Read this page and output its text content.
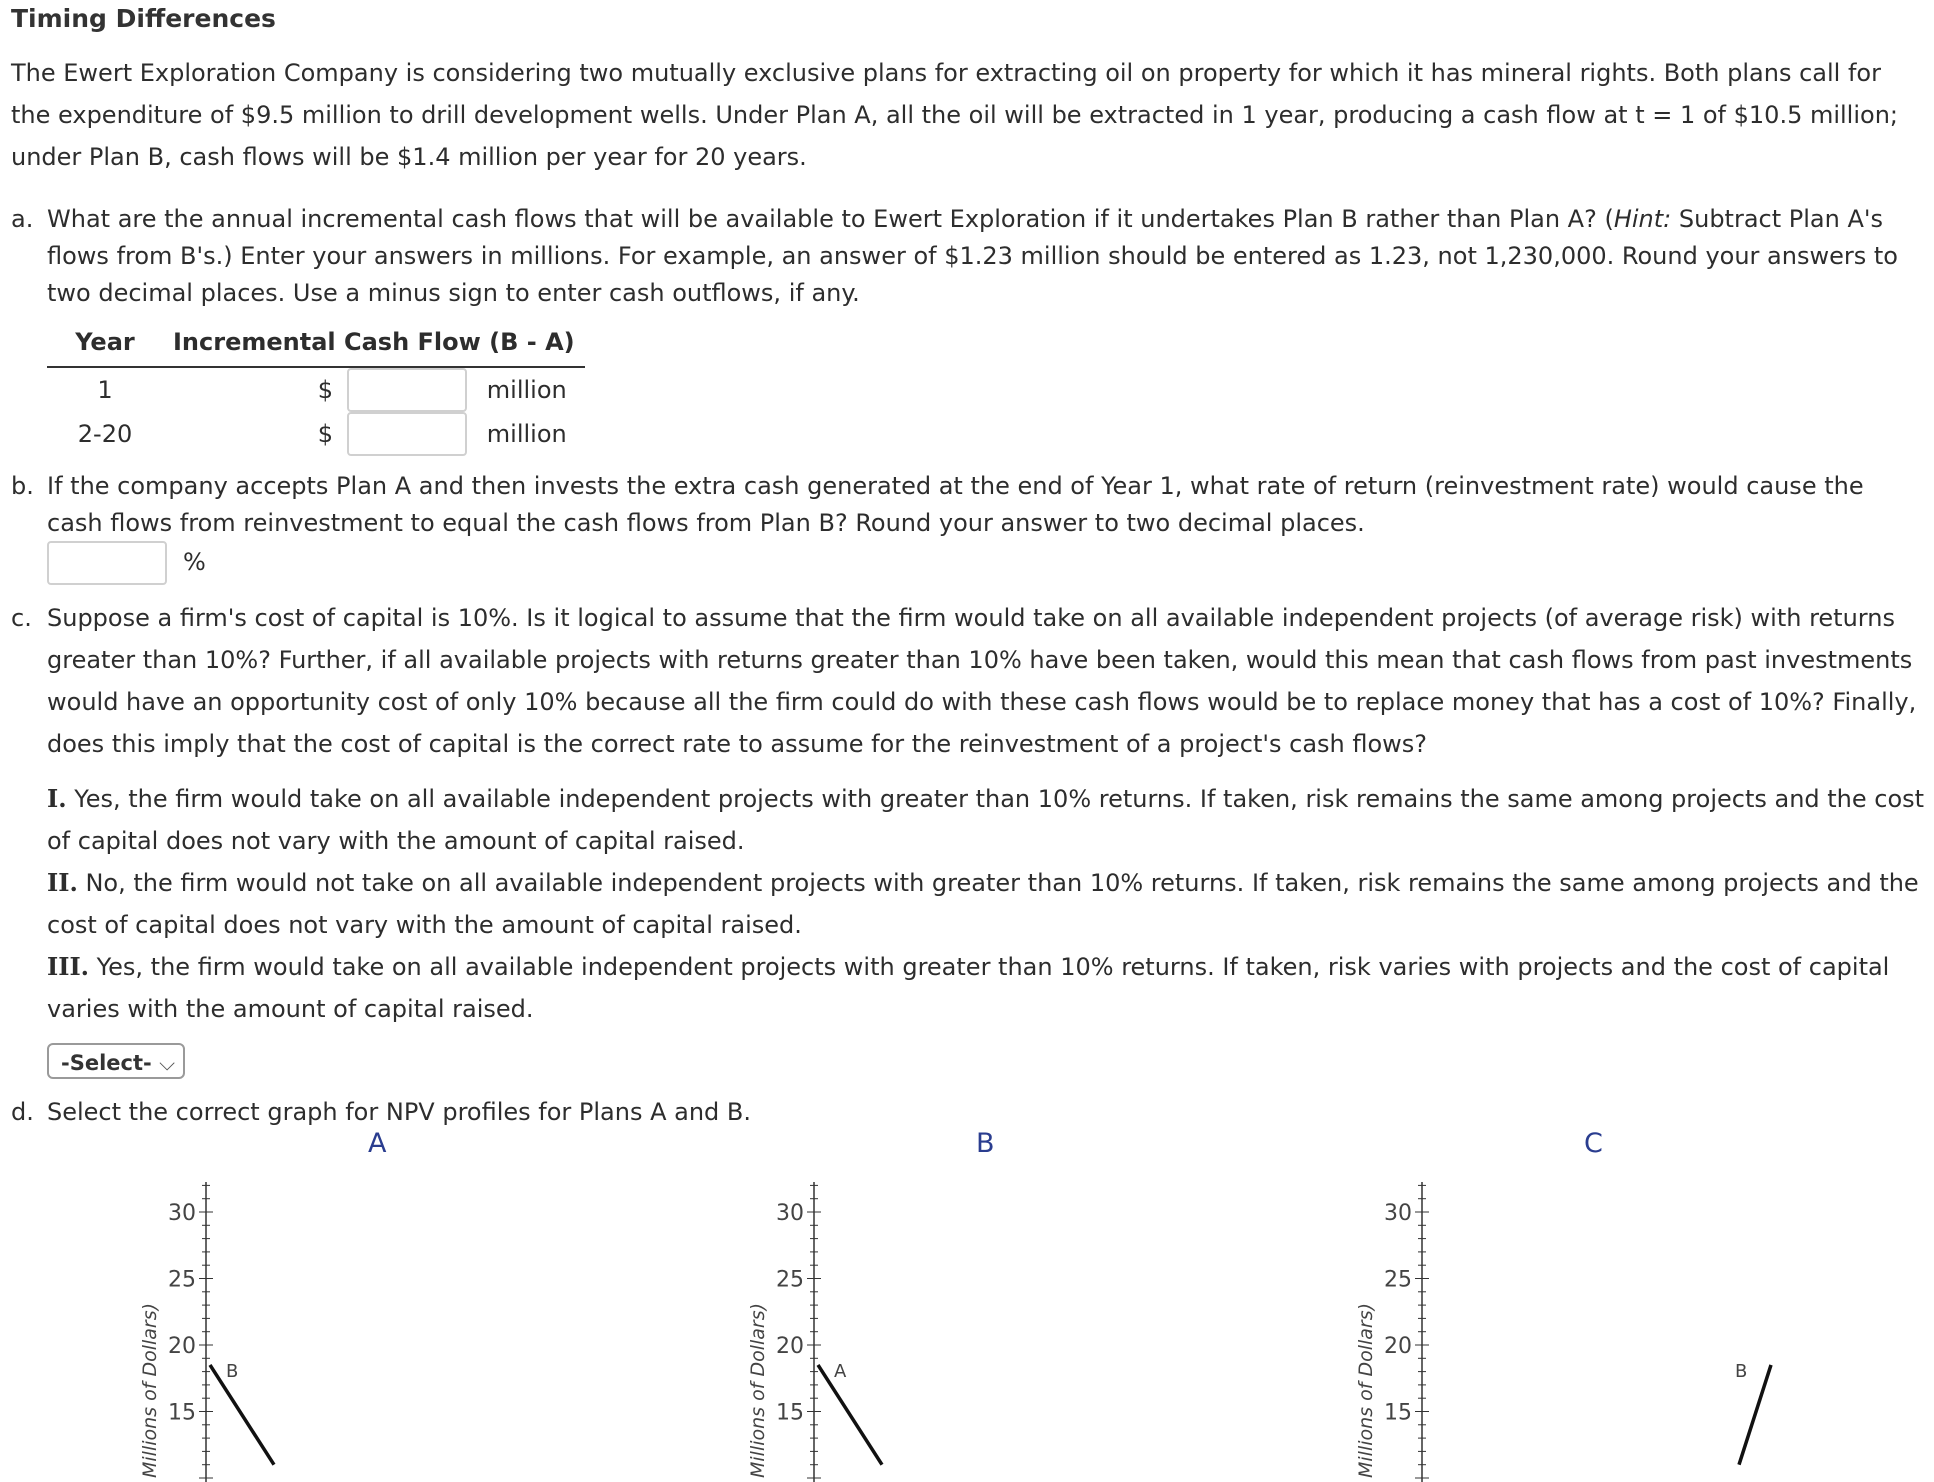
Timing Differences
The Ewert Exploration Company is considering two mutually exclusive plans for extracting oil on property for which it has mineral rights. Both plans call for the expenditure of $9.5 million to drill development wells. Under Plan A, all the oil will be extracted in 1 year, producing a cash flow at t = 1 of $10.5 million; under Plan B, cash flows will be $1.4 million per year for 20 years.
a. What are the annual incremental cash flows that will be available to Ewert Exploration if it undertakes Plan B rather than Plan A? (Hint: Subtract Plan A's flows from B's.) Enter your answers in millions. For example, an answer of $1.23 million should be entered as 1.23, not 1,230,000. Round your answers to two decimal places. Use a minus sign to enter cash outflows, if any.
Year	Incremental Cash Flow (B - A)		
1	$		million
2-20	$		million
b. If the company accepts Plan A and then invests the extra cash generated at the end of Year 1, what rate of return (reinvestment rate) would cause the cash flows from reinvestment to equal the cash flows from Plan B? Round your answer to two decimal places.
%
c. Suppose a firm's cost of capital is 10%. Is it logical to assume that the firm would take on all available independent projects (of average risk) with returns greater than 10%? Further, if all available projects with returns greater than 10% have been taken, would this mean that cash flows from past investments would have an opportunity cost of only 10% because all the firm could do with these cash flows would be to replace money that has a cost of 10%? Finally, does this imply that the cost of capital is the correct rate to assume for the reinvestment of a project's cash flows?
I. Yes, the firm would take on all available independent projects with greater than 10% returns. If taken, risk remains the same among projects and the cost of capital does not vary with the amount of capital raised.
II. No, the firm would not take on all available independent projects with greater than 10% returns. If taken, risk remains the same among projects and the cost of capital does not vary with the amount of capital raised.
III. Yes, the firm would take on all available independent projects with greater than 10% returns. If taken, risk varies with projects and the cost of capital varies with the amount of capital raised.
-Select- ⌵
d. Select the correct graph for NPV profiles for Plans A and B.
A	B	C
Millions of Dollars) 15
20
25
30
B	Millions of Dollars) 15
20
25
30
A	Millions of Dollars) 15
20
25
30
B
